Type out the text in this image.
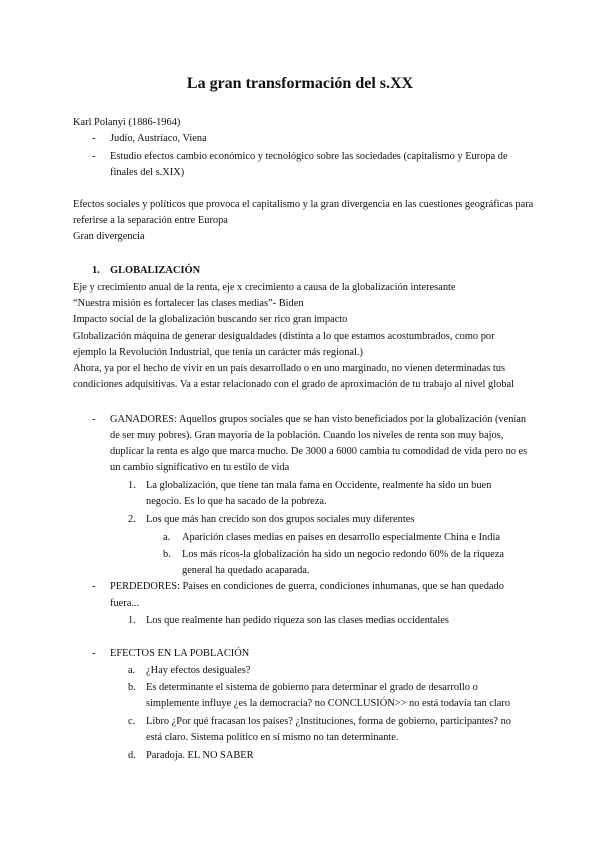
La gran transformación del s.XX
Karl Polanyi (1886-1964)
- Judío, Austríaco, Viena
- Estudio efectos cambio económico y tecnológico sobre las sociedades (capitalismo y Europa de
finales del s.XIX)
Efectos sociales y políticos que provoca el capitalismo y la gran divergencia en las cuestiones geográficas para
referirse a la separación entre Europa
Gran divergencia
1. GLOBALIZACIÓN
Eje y crecimiento anual de la renta, eje x crecimiento a causa de la globalización interesante
“Nuestra misión es fortalecer las clases medias”- Biden
Impacto social de la globalización buscando ser rico gran impacto
Globalización máquina de generar desigualdades (distinta a lo que estamos acostumbrados, como por
ejemplo la Revolución Industrial, que tenía un carácter más regional.)
Ahora, ya por el hecho de vivir en un país desarrollado o en uno marginado, no vienen determinadas tus
condiciones adquisitivas. Va a estar relacionado con el grado de aproximación de tu trabajo al nivel global
- GANADORES: Aquellos grupos sociales que se han visto beneficiados por la globalización (venían
de ser muy pobres). Gran mayoría de la población. Cuando los niveles de renta son muy bajos,
duplicar la renta es algo que marca mucho. De 3000 a 6000 cambia tu comodidad de vida pero no es
un cambio significativo en tu estilo de vida
1. La globalización, que tiene tan mala fama en Occidente, realmente ha sido un buen
negocio. Es lo que ha sacado de la pobreza.
2. Los que más han crecido son dos grupos sociales muy diferentes
a. Aparición clases medias en países en desarrollo especialmente China e India
b. Los más ricos-la globalización ha sido un negocio redondo 60% de la riqueza
general ha quedado acaparada.
- PERDEDORES: Países en condiciones de guerra, condiciones inhumanas, que se han quedado
fuera...
1. Los que realmente han pedido riqueza son las clases medias occidentales
- EFECTOS EN LA POBLACIÓN
a. ¿Hay efectos desiguales?
b. Es determinante el sistema de gobierno para determinar el grado de desarrollo o
simplemente influye ¿es la democracia? no CONCLUSIÓN>> no está todavía tan claro
c. Libro ¿Por qué fracasan los países? ¿Instituciones, forma de gobierno, participantes? no
está claro. Sistema político en sí mismo no tan determinante.
d. Paradoja. EL NO SABER
